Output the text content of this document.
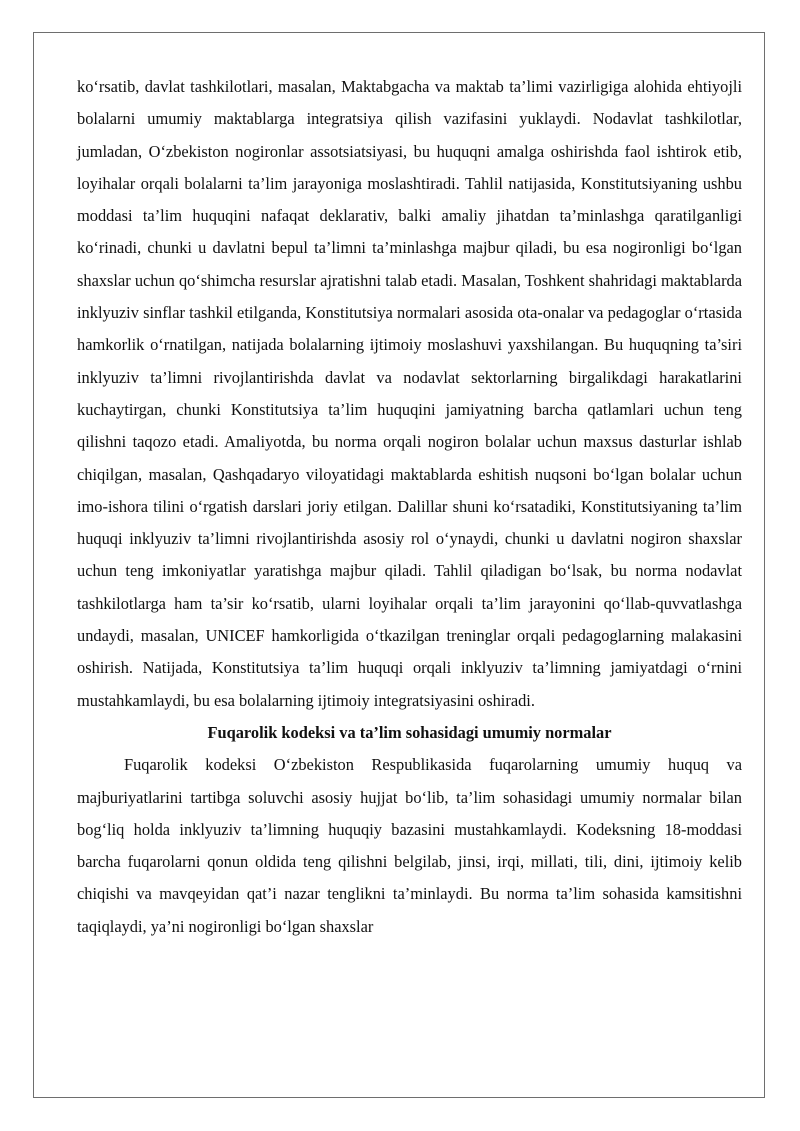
ko‘rsatib, davlat tashkilotlari, masalan, Maktabgacha va maktab ta’limi vazirligiga alohida ehtiyojli bolalarni umumiy maktablarga integratsiya qilish vazifasini yuklaydi. Nodavlat tashkilotlar, jumladan, O‘zbekiston nogironlar assotsiatsiyasi, bu huquqni amalga oshirishda faol ishtirok etib, loyihalar orqali bolalarni ta’lim jarayoniga moslashtiradi. Tahlil natijasida, Konstitutsiyaning ushbu moddasi ta’lim huquqini nafaqat deklarativ, balki amaliy jihatdan ta’minlashga qaratilganligi ko‘rinadi, chunki u davlatni bepul ta’limni ta’minlashga majbur qiladi, bu esa nogironligi bo‘lgan shaxslar uchun qo‘shimcha resurslar ajratishni talab etadi. Masalan, Toshkent shahridagi maktablarda inklyuziv sinflar tashkil etilganda, Konstitutsiya normalari asosida ota-onalar va pedagoglar o‘rtasida hamkorlik o‘rnatilgan, natijada bolalarning ijtimoiy moslashuvi yaxshilangan. Bu huquqning ta’siri inklyuziv ta’limni rivojlantirishda davlat va nodavlat sektorlarning birgalikdagi harakatlarini kuchaytirgan, chunki Konstitutsiya ta’lim huquqini jamiyatning barcha qatlamlari uchun teng qilishni taqozo etadi. Amaliyotda, bu norma orqali nogiron bolalar uchun maxsus dasturlar ishlab chiqilgan, masalan, Qashqadaryo viloyatidagi maktablarda eshitish nuqsoni bo‘lgan bolalar uchun imo-ishora tilini o‘rgatish darslari joriy etilgan. Dalillar shuni ko‘rsatadiki, Konstitutsiyaning ta’lim huquqi inklyuziv ta’limni rivojlantirishda asosiy rol o‘ynaydi, chunki u davlatni nogiron shaxslar uchun teng imkoniyatlar yaratishga majbur qiladi. Tahlil qiladigan bo‘lsak, bu norma nodavlat tashkilotlarga ham ta’sir ko‘rsatib, ularni loyihalar orqali ta’lim jarayonini qo‘llab-quvvatlashga undaydi, masalan, UNICEF hamkorligida o‘tkazilgan treninglar orqali pedagoglarning malakasini oshirish. Natijada, Konstitutsiya ta’lim huquqi orqali inklyuziv ta’limning jamiyatdagi o‘rnini mustahkamlaydi, bu esa bolalarning ijtimoiy integratsiyasini oshiradi.

Fuqarolik kodeksi va ta’lim sohasidagi umumiy normalar

Fuqarolik kodeksi O‘zbekiston Respublikasida fuqarolarning umumiy huquq va majburiyatlarini tartibga soluvchi asosiy hujjat bo‘lib, ta’lim sohasidagi umumiy normalar bilan bog‘liq holda inklyuziv ta’limning huquqiy bazasini mustahkamlaydi. Kodeksning 18-moddasi barcha fuqarolarni qonun oldida teng qilishni belgilab, jinsi, irqi, millati, tili, dini, ijtimoiy kelib chiqishi va mavqeyidan qat’i nazar tenglikni ta’minlaydi. Bu norma ta’lim sohasida kamsitishni taqiqlaydi, ya’ni nogironligi bo‘lgan shaxslar
